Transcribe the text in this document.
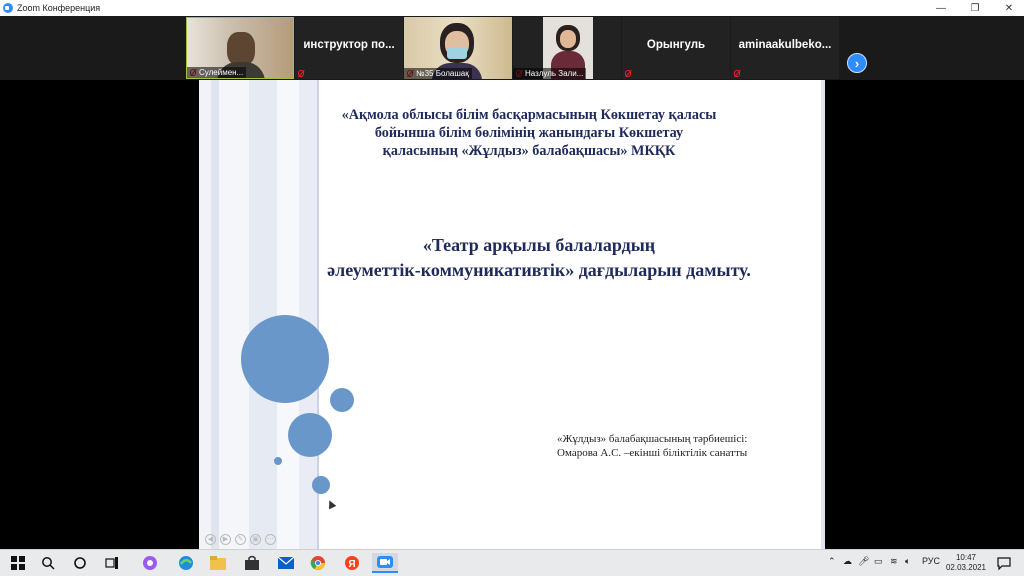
Zoom Конференция	—	❐	✕
Сулеймен...
инструктор по...
№35 Болашақ	Назлуль Зали...
Орынгуль	aminaakulbeko...
›
«Ақмола облысы білім басқармасының Көкшетау қаласы
бойынша білім бөлімінің жанындағы Көкшетау
қаласының «Жұлдыз» балабақшасы» МКҚК
«Театр арқылы балалардың
әлеуметтік-коммуникативтік» дағдыларын дамыту.
«Жұлдыз» балабақшасының тәрбиешісі:
Омарова А.С. –екінші біліктілік санатты
◀	▶	✎	▣	⋯
Я	⌃ ☁ 🎤︎ ▭ ≋ 🔈︎ РУС	10:47
02.03.2021
